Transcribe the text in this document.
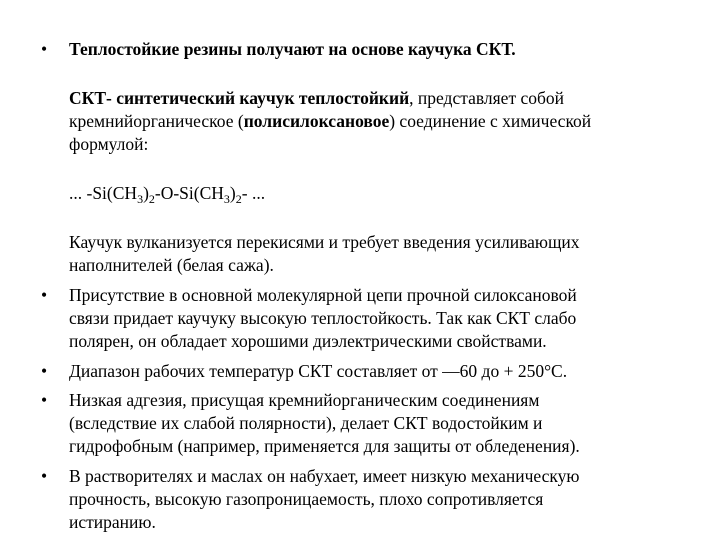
• Теплостойкие резины получают на основе каучука СКТ.
СКТ- синтетический каучук теплостойкий, представляет собой
кремнийорганическое (полисилоксановое) соединение с химической
формулой:
... $-Si(CH_3)_2-O-Si(CH_3)_2-$ ...
Каучук вулканизуется перекисями и требует введения усиливающих
наполнителей (белая сажа).
• Присутствие в основной молекулярной цепи прочной силоксановой
связи придает каучуку высокую теплостойкость. Так как СКТ слабо
полярен, он обладает хорошими диэлектрическими свойствами.
• Диапазон рабочих температур СКТ составляет от —60 до + 250°С.
• Низкая адгезия, присущая кремнийорганическим соединениям
(вследствие их слабой полярности), делает СКТ водостойким и
гидрофобным (например, применяется для защиты от обледенения).
• В растворителях и маслах он набухает, имеет низкую механическую
прочность, высокую газопроницаемость, плохо сопротивляется
истиранию.
